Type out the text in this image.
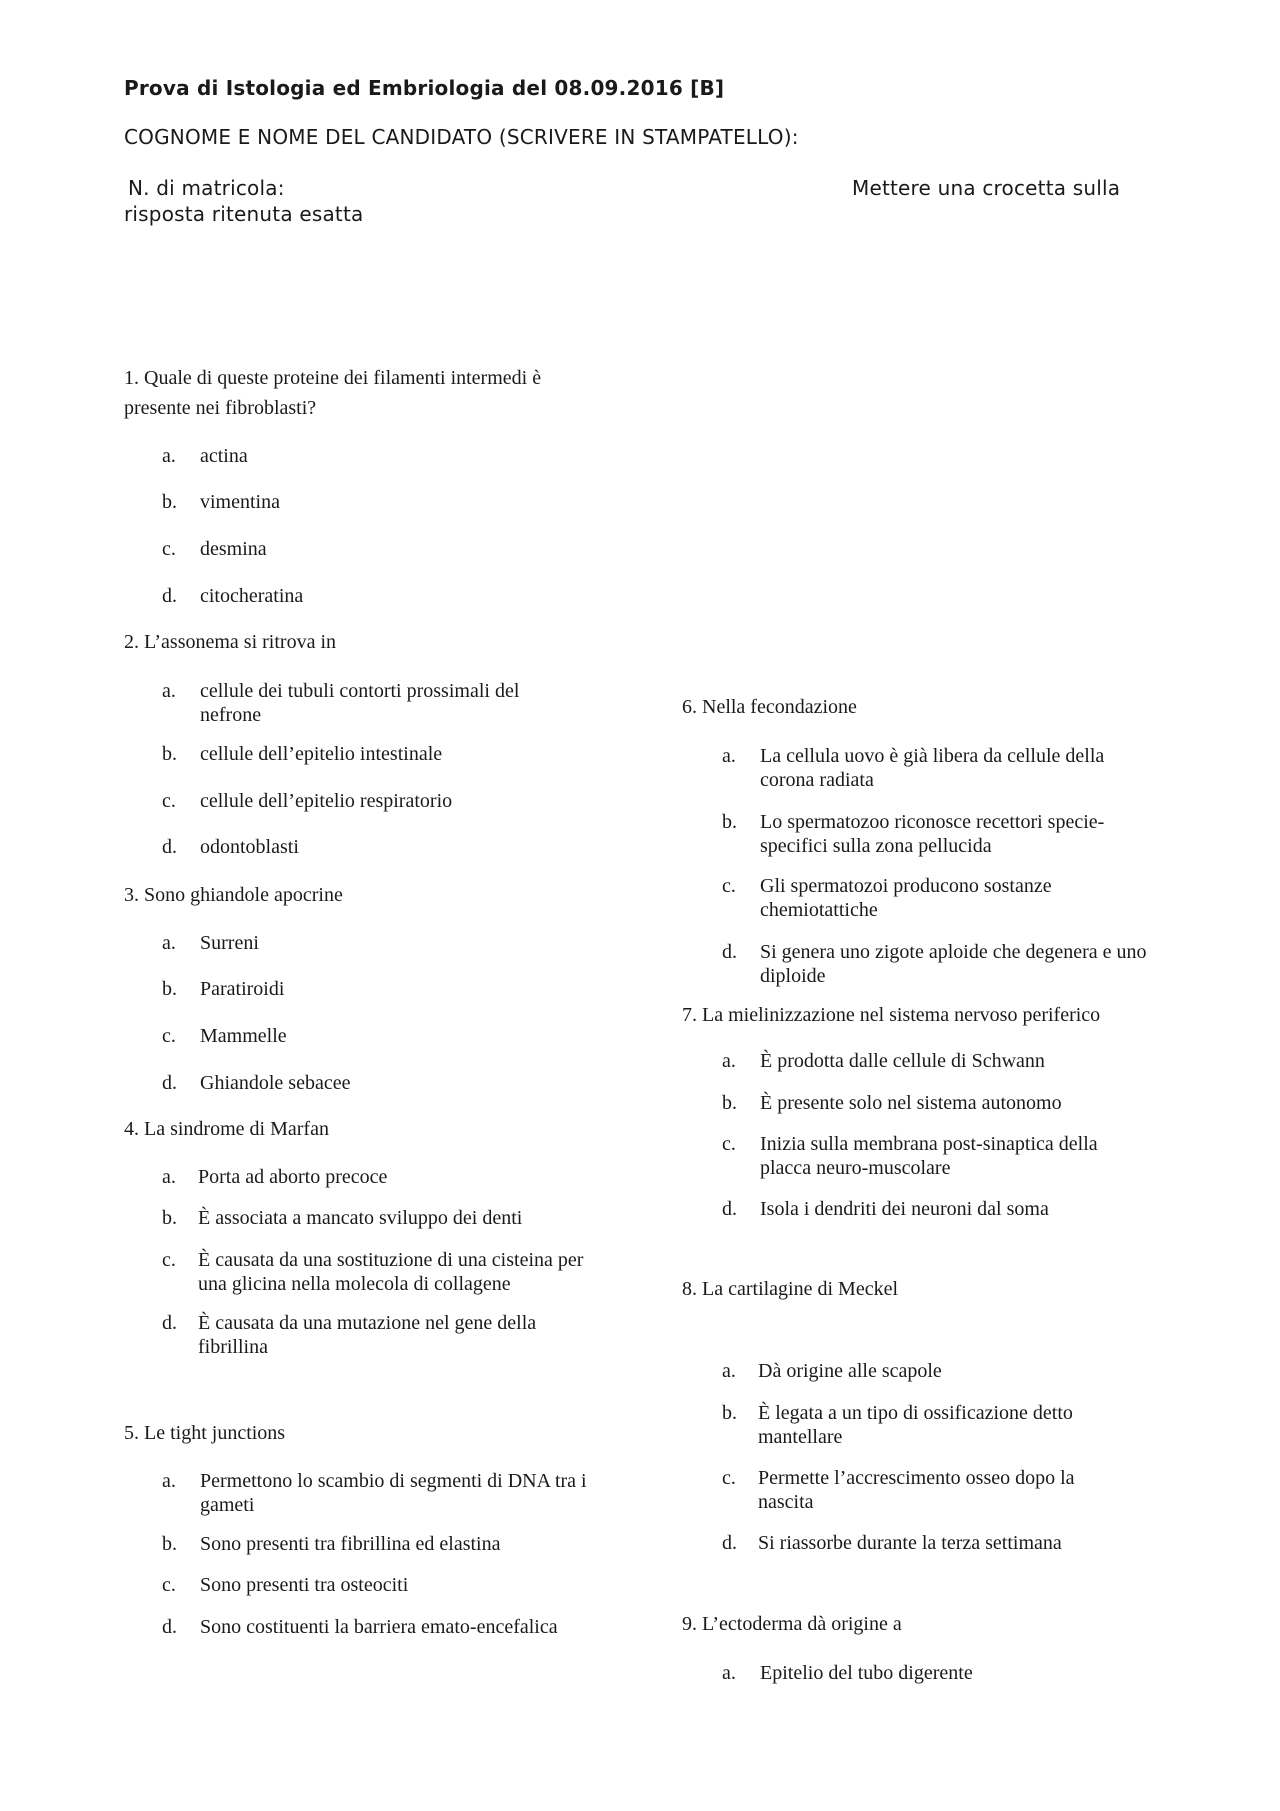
Prova di Istologia ed Embriologia del 08.09.2016 [B]
COGNOME E NOME DEL CANDIDATO (SCRIVERE IN STAMPATELLO):
N. di matricola:	Mettere una crocetta sulla
risposta ritenuta esatta
1. Quale di queste proteine dei filamenti intermedi è
presente nei fibroblasti?
a. actina
b. vimentina
c. desmina
d. citocheratina
2. L’assonema si ritrova in
a. cellule dei tubuli contorti prossimali del nefrone
b. cellule dell’epitelio intestinale
c. cellule dell’epitelio respiratorio
d. odontoblasti
3. Sono ghiandole apocrine
a. Surreni
b. Paratiroidi
c. Mammelle
d. Ghiandole sebacee
4. La sindrome di Marfan
a. Porta ad aborto precoce
b. È associata a mancato sviluppo dei denti
c. È causata da una sostituzione di una cisteina per una glicina nella molecola di collagene
d. È causata da una mutazione nel gene della fibrillina
5. Le tight junctions
a. Permettono lo scambio di segmenti di DNA tra i gameti
b. Sono presenti tra fibrillina ed elastina
c. Sono presenti tra osteociti
d. Sono costituenti la barriera emato-encefalica
6. Nella fecondazione
a. La cellula uovo è già libera da cellule della corona radiata
b. Lo spermatozoo riconosce recettori specie-specifici sulla zona pellucida
c. Gli spermatozoi producono sostanze chemiotattiche
d. Si genera uno zigote aploide che degenera e uno diploide
7. La mielinizzazione nel sistema nervoso periferico
a. È prodotta dalle cellule di Schwann
b. È presente solo nel sistema autonomo
c. Inizia sulla membrana post-sinaptica della placca neuro-muscolare
d. Isola i dendriti dei neuroni dal soma
8. La cartilagine di Meckel
a. Dà origine alle scapole
b. È legata a un tipo di ossificazione detto mantellare
c. Permette l’accrescimento osseo dopo la nascita
d. Si riassorbe durante la terza settimana
9. L’ectoderma dà origine a
a. Epitelio del tubo digerente
